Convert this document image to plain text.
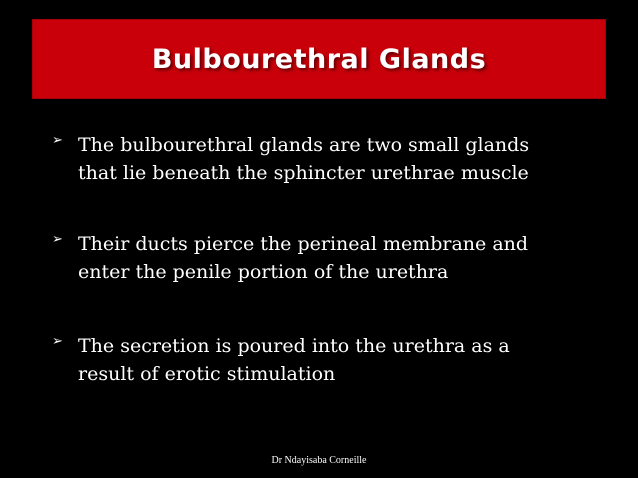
Bulbourethral Glands
➢ The bulbourethral glands are two small glands
that lie beneath the sphincter urethrae muscle

➢ Their ducts pierce the perineal membrane and
enter the penile portion of the urethra

➢ The secretion is poured into the urethra as a
result of erotic stimulation

Dr Ndayisaba Corneille
